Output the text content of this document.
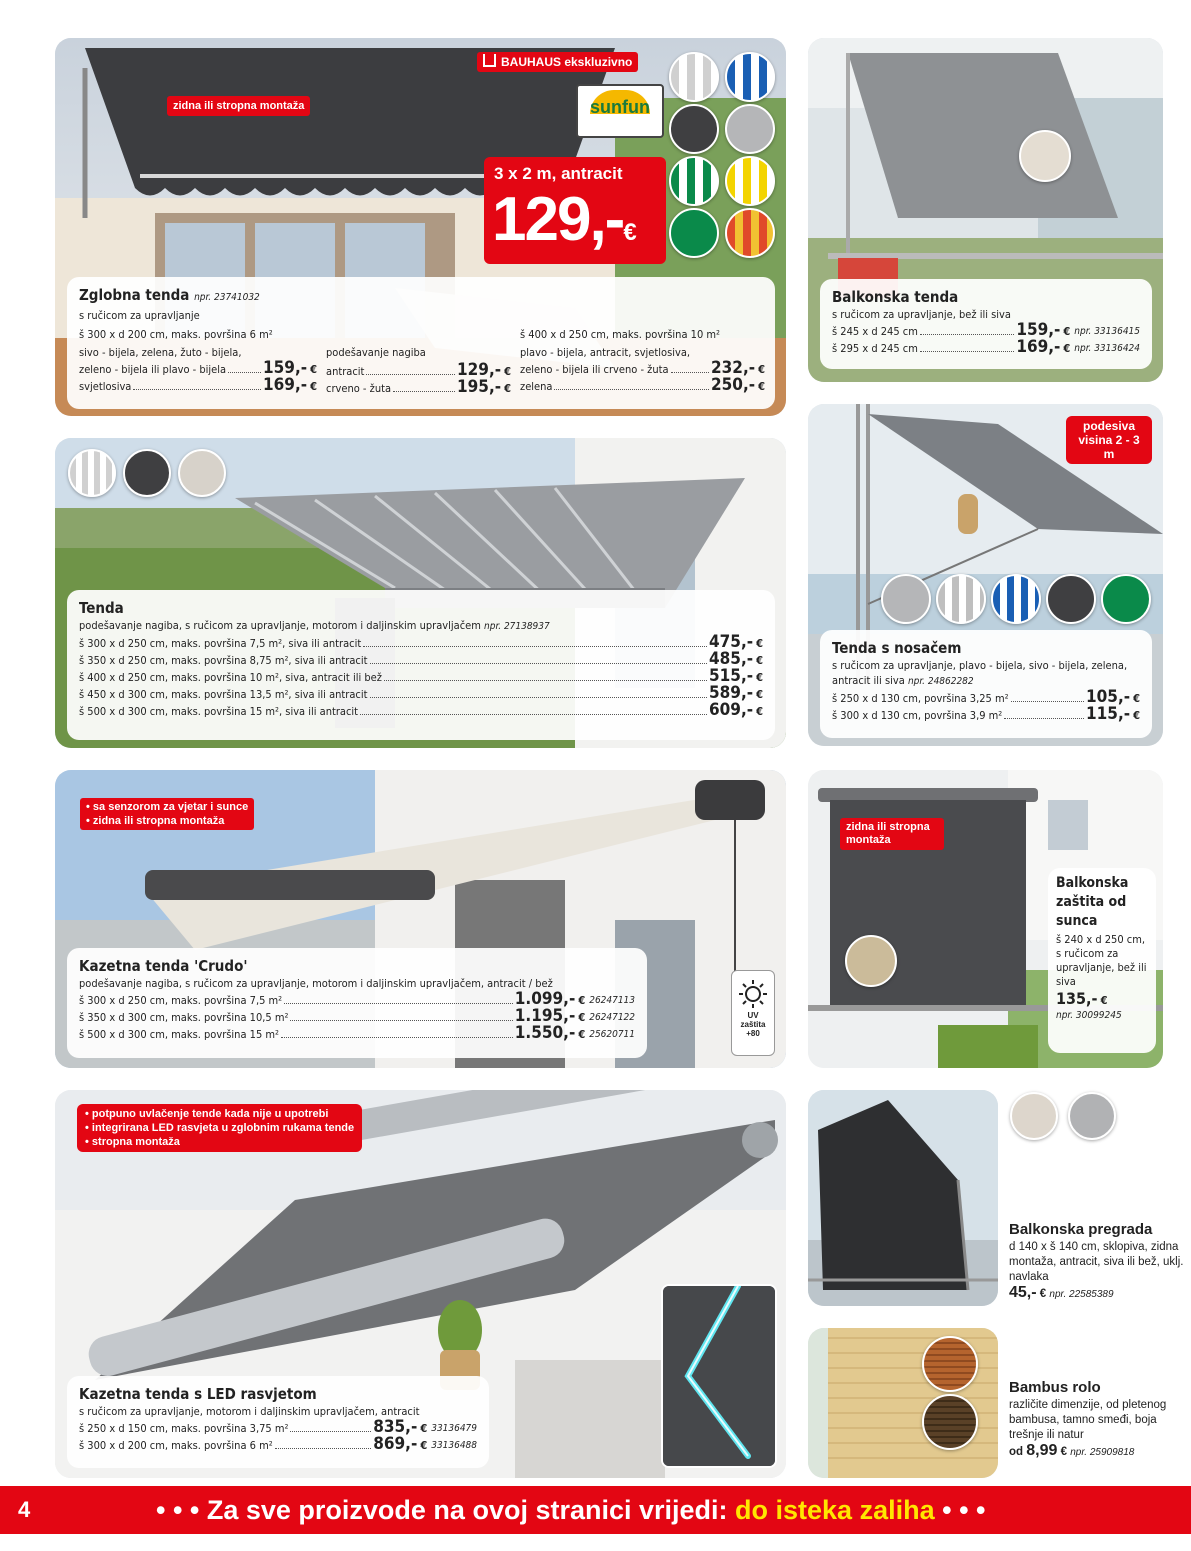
zidna ili stropna montaža
BAUHAUS ekskluzivno
sunfun
3 x 2 m, antracit
129,-€
Zglobna tenda npr. 23741032
s ručicom za upravljanje
š 300 x d 200 cm, maks. površina 6 m²
sivo - bijela, zelena, žuto - bijela,
zeleno - bijela ili plavo - bijela 159,- €
svjetlosiva	169,- €
podešavanje nagiba
antracit	129,- €
crveno - žuta	195,- €
š 400 x d 250 cm, maks. površina 10 m²
plavo - bijela, antracit, svjetlosiva,
zeleno - bijela ili crveno - žuta 232,- €
zelena	250,- €
Balkonska tenda
s ručicom za upravljanje, bež ili siva
š 245 x d 245 cm	159,- € npr. 33136415
š 295 x d 245 cm	169,- € npr. 33136424
Tenda
podešavanje nagiba, s ručicom za upravljanje, motorom i daljinskim upravljačem npr. 27138937
š 300 x d 250 cm, maks. površina 7,5 m², siva ili antracit	475,- €
š 350 x d 250 cm, maks. površina 8,75 m², siva ili antracit	485,- €
š 400 x d 250 cm, maks. površina 10 m², siva, antracit ili bež	515,- €
š 450 x d 300 cm, maks. površina 13,5 m², siva ili antracit	589,- €
š 500 x d 300 cm, maks. površina 15 m², siva ili antracit	609,- €
podesiva visina 2 - 3 m
Tenda s nosačem
s ručicom za upravljanje, plavo - bijela, sivo - bijela, zelena, antracit ili siva npr. 24862282
š 250 x d 130 cm, površina 3,25 m²	105,- €
š 300 x d 130 cm, površina 3,9 m²	115,- €
• sa senzorom za vjetar i sunce
• zidna ili stropna montaža
Kazetna tenda 'Crudo'
podešavanje nagiba, s ručicom za upravljanje, motorom i daljinskim upravljačem, antracit / bež
š 300 x d 250 cm, maks. površina 7,5 m²	1.099,- € 26247113
š 350 x d 300 cm, maks. površina 10,5 m²	1.195,- € 26247122
š 500 x d 300 cm, maks. površina 15 m²	1.550,- € 25620711
UV
zaštita
+80
zidna ili stropna montaža
Balkonska zaštita od sunca
š 240 x d 250 cm, s ručicom za upravljanje, bež ili siva
135,- €
npr. 30099245
• potpuno uvlačenje tende kada nije u upotrebi
• integrirana LED rasvjeta u zglobnim rukama tende
• stropna montaža
Kazetna tenda s LED rasvjetom
s ručicom za upravljanje, motorom i daljinskim upravljačem, antracit
š 250 x d 150 cm, maks. površina 3,75 m²	835,- € 33136479
š 300 x d 200 cm, maks. površina 6 m²	869,- € 33136488
Balkonska pregrada
d 140 x š 140 cm, sklopiva, zidna montaža, antracit, siva ili bež, uklj. navlaka
45,- € npr. 22585389
Bambus rolo
različite dimenzije, od pletenog bambusa, tamno smeđi, boja trešnje ili natur
od 8,99 € npr. 25909818
4	• • • Za sve proizvode na ovoj stranici vrijedi: do isteka zaliha • • •
